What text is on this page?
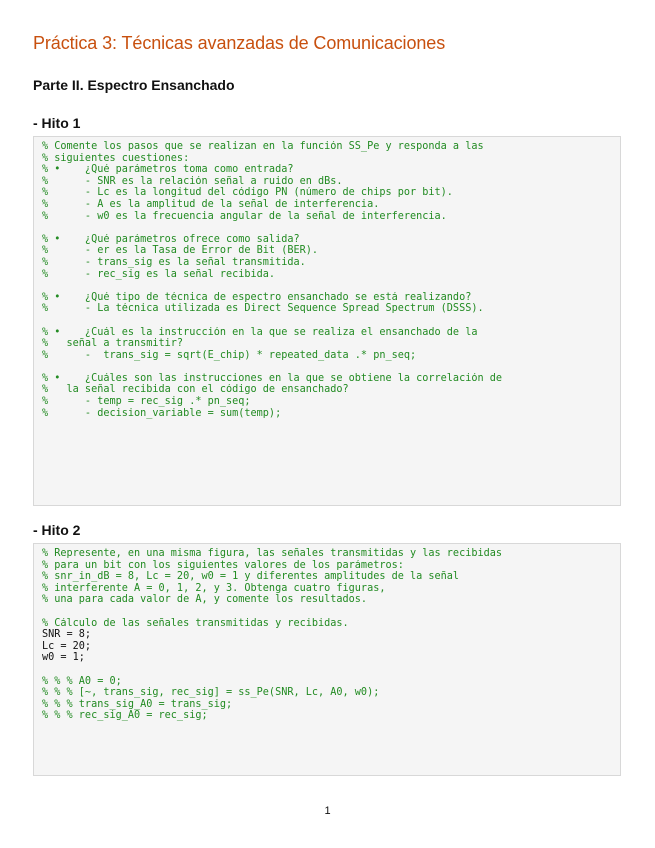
Práctica 3: Técnicas avanzadas de Comunicaciones
Parte II. Espectro Ensanchado
- Hito 1
% Comente los pasos que se realizan en la función SS_Pe y responda a las
% siguientes cuestiones:
% •    ¿Qué parámetros toma como entrada?
%      - SNR es la relación señal a ruido en dBs.
%      - Lc es la longitud del código PN (número de chips por bit).
%      - A es la amplitud de la señal de interferencia.
%      - w0 es la frecuencia angular de la señal de interferencia.
% •    ¿Qué parámetros ofrece como salida?
%      - er es la Tasa de Error de Bit (BER).
%      - trans_sig es la señal transmitida.
%      - rec_sig es la señal recibida.
% •    ¿Qué tipo de técnica de espectro ensanchado se está realizando?
%      - La técnica utilizada es Direct Sequence Spread Spectrum (DSSS).
% •    ¿Cuál es la instrucción en la que se realiza el ensanchado de la
%   señal a transmitir?
%      -  trans_sig = sqrt(E_chip) * repeated_data .* pn_seq;
% •    ¿Cuáles son las instrucciones en la que se obtiene la correlación de
%   la señal recibida con el código de ensanchado?
%      - temp = rec_sig .* pn_seq;
%      - decision_variable = sum(temp);
- Hito 2
% Represente, en una misma figura, las señales transmitidas y las recibidas
% para un bit con los siguientes valores de los parámetros:
% snr_in_dB = 8, Lc = 20, w0 = 1 y diferentes amplitudes de la señal
% interferente A = 0, 1, 2, y 3. Obtenga cuatro figuras,
% una para cada valor de A, y comente los resultados.
% Cálculo de las señales transmitidas y recibidas.
SNR = 8;
Lc = 20;
w0 = 1;
% % % A0 = 0;
% % % [~, trans_sig, rec_sig] = ss_Pe(SNR, Lc, A0, w0);
% % % trans_sig_A0 = trans_sig;
% % % rec_sig_A0 = rec_sig;
1
